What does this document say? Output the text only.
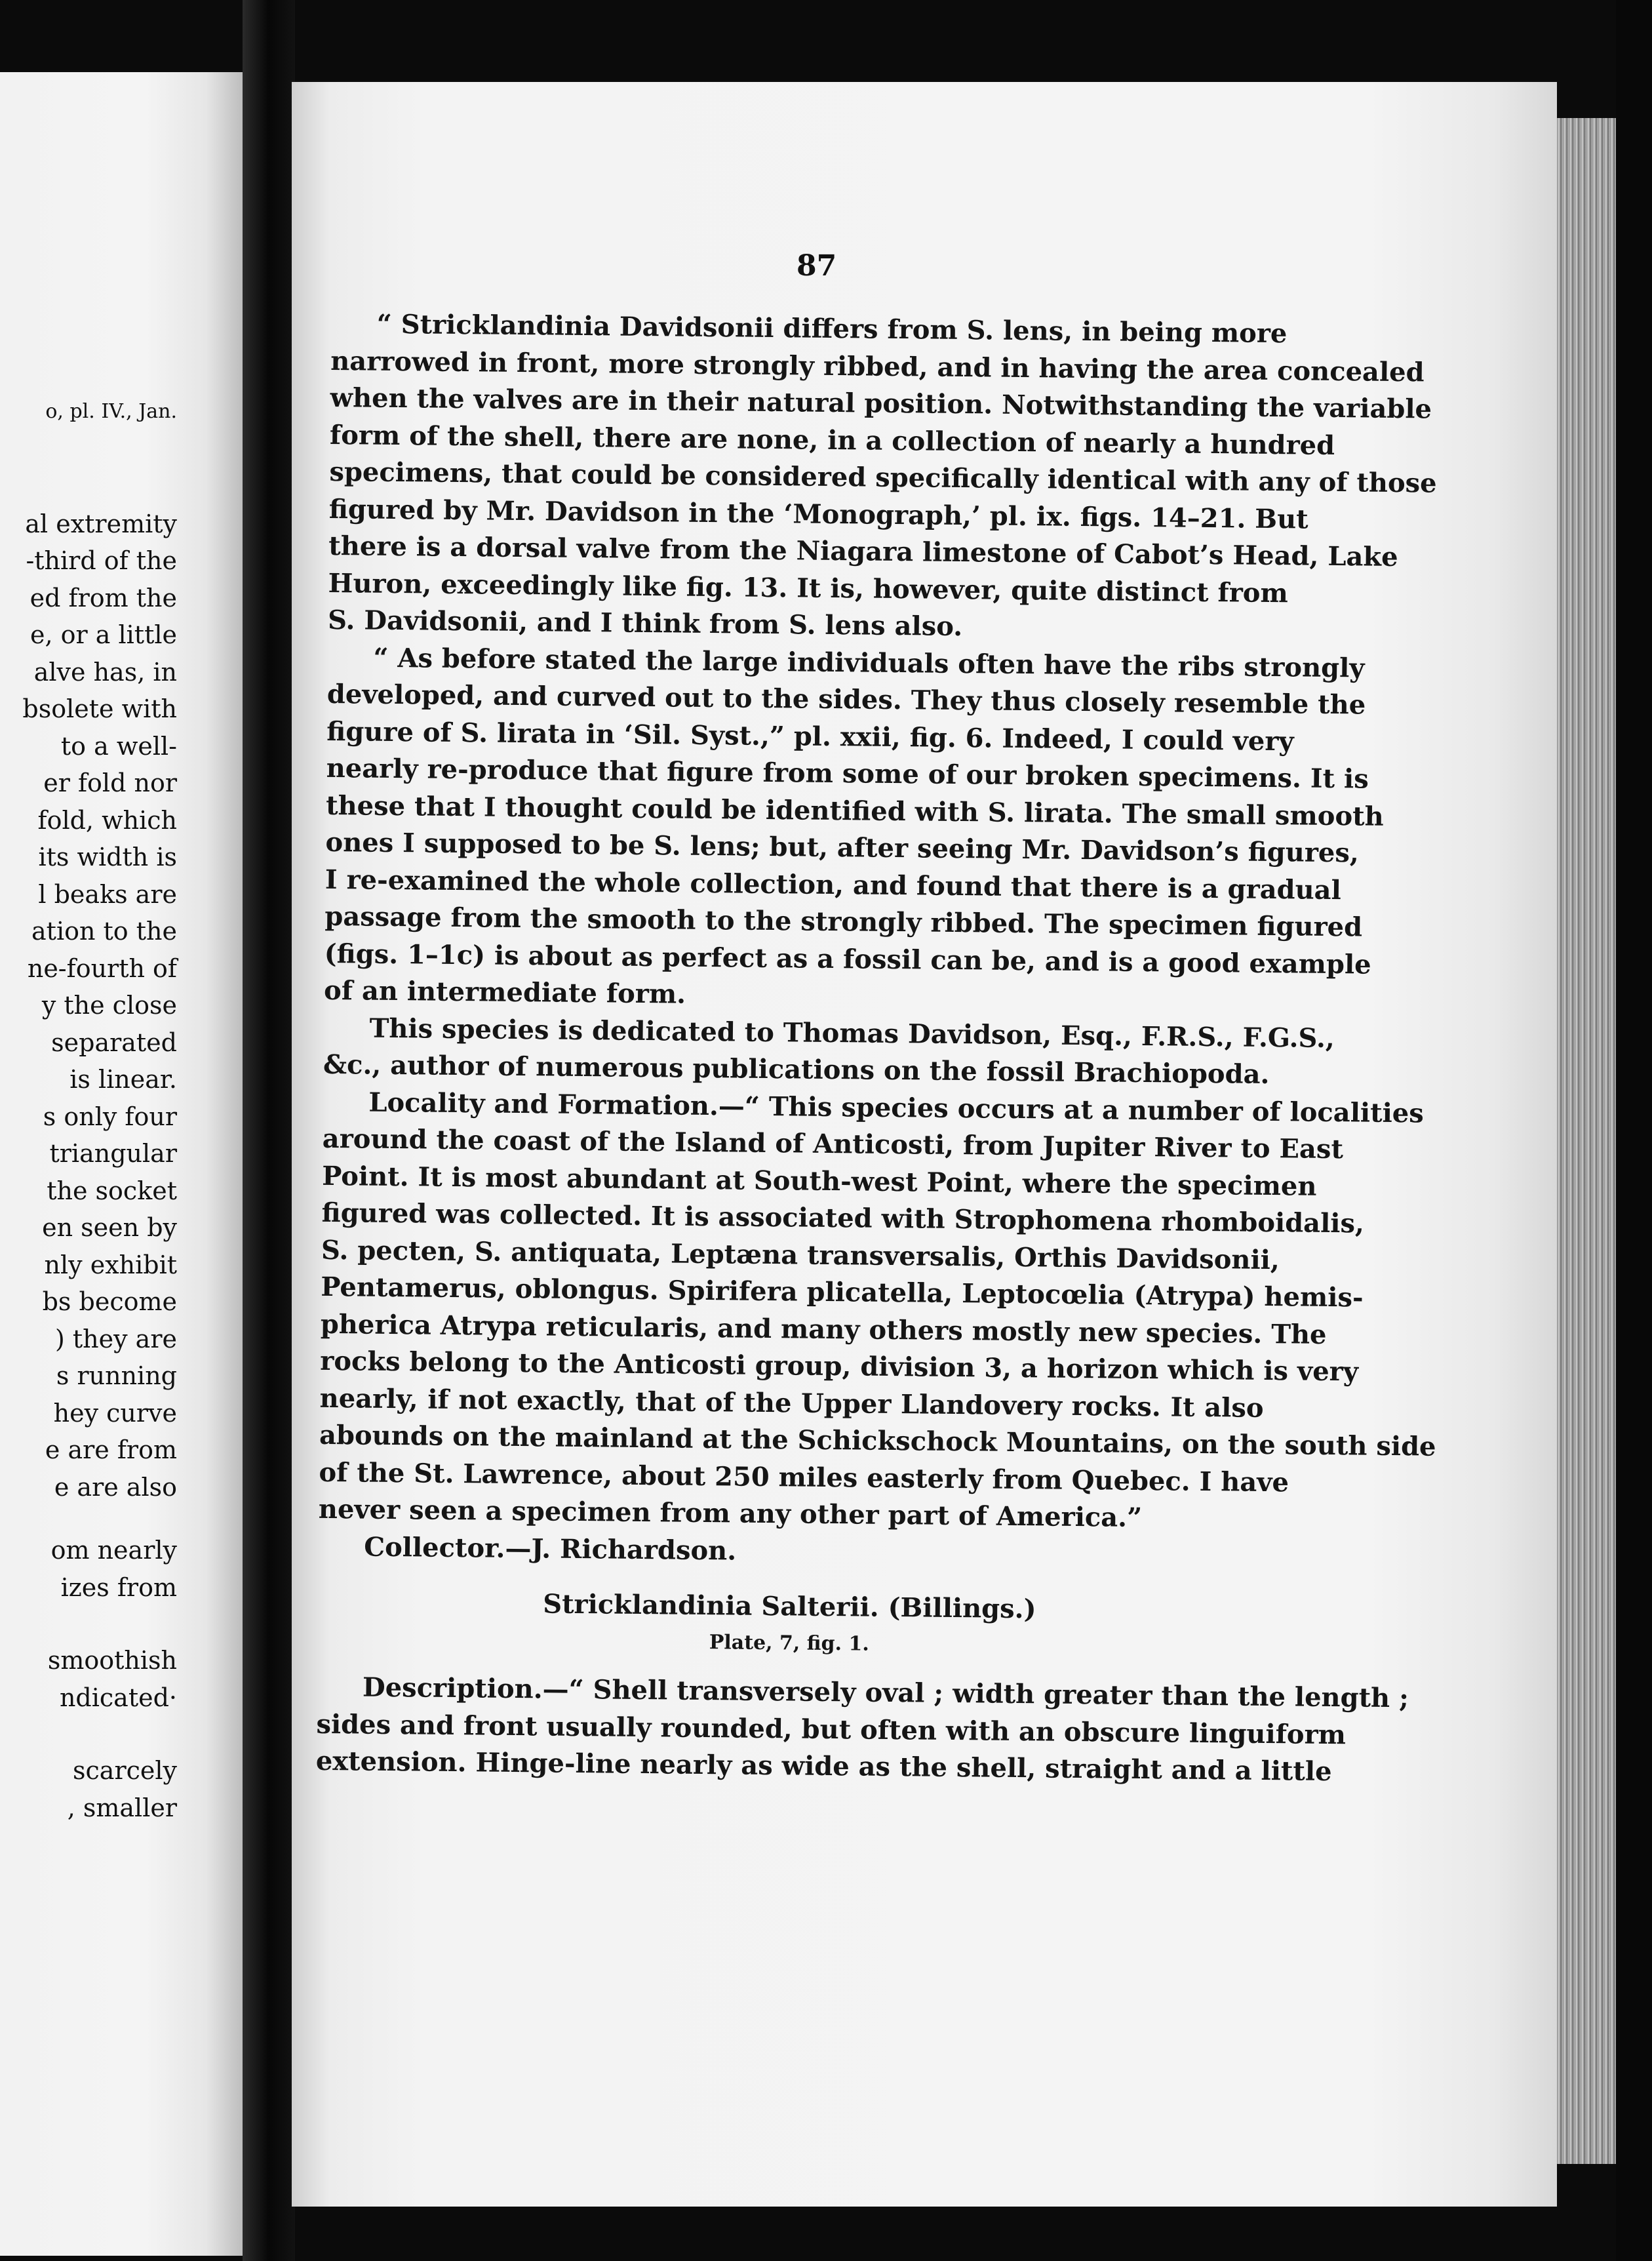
o, pl. IV., Jan.
al extremity
-third of the
ed from the
e, or a little
alve has, in
bsolete with
to a well-
er fold nor
fold, which
its width is
l beaks are
ation to the
ne-fourth of
y the close
separated
is linear.
s only four
triangular
the socket
en seen by
nly exhibit
bs become
) they are
s running
hey curve
e are from
e are also
om nearly
izes from
smoothish
ndicated·
scarcely
, smaller
87
“ Stricklandinia Davidsonii differs from S. lens, in being more
narrowed in front, more strongly ribbed, and in having the area concealed
when the valves are in their natural position. Notwithstanding the variable
form of the shell, there are none, in a collection of nearly a hundred
specimens, that could be considered specifically identical with any of those
figured by Mr. Davidson in the ‘Monograph,’ pl. ix. figs. 14–21. But
there is a dorsal valve from the Niagara limestone of Cabot’s Head, Lake
Huron, exceedingly like fig. 13. It is, however, quite distinct from
S. Davidsonii, and I think from S. lens also.
“ As before stated the large individuals often have the ribs strongly
developed, and curved out to the sides. They thus closely resemble the
figure of S. lirata in ‘Sil. Syst.,” pl. xxii, fig. 6. Indeed, I could very
nearly re-produce that figure from some of our broken specimens. It is
these that I thought could be identified with S. lirata. The small smooth
ones I supposed to be S. lens; but, after seeing Mr. Davidson’s figures,
I re-examined the whole collection, and found that there is a gradual
passage from the smooth to the strongly ribbed. The specimen figured
(figs. 1–1c) is about as perfect as a fossil can be, and is a good example
of an intermediate form.
This species is dedicated to Thomas Davidson, Esq., F.R.S., F.G.S.,
&c., author of numerous publications on the fossil Brachiopoda.
Locality and Formation.—“ This species occurs at a number of localities
around the coast of the Island of Anticosti, from Jupiter River to East
Point. It is most abundant at South-west Point, where the specimen
figured was collected. It is associated with Strophomena rhomboidalis,
S. pecten, S. antiquata, Leptæna transversalis, Orthis Davidsonii,
Pentamerus, oblongus. Spirifera plicatella, Leptocœlia (Atrypa) hemis-
pherica Atrypa reticularis, and many others mostly new species. The
rocks belong to the Anticosti group, division 3, a horizon which is very
nearly, if not exactly, that of the Upper Llandovery rocks. It also
abounds on the mainland at the Schickschock Mountains, on the south side
of the St. Lawrence, about 250 miles easterly from Quebec. I have
never seen a specimen from any other part of America.”
Collector.—J. Richardson.
Stricklandinia Salterii. (Billings.)
Plate, 7, fig. 1.
Description.—“ Shell transversely oval ; width greater than the length ;
sides and front usually rounded, but often with an obscure linguiform
extension. Hinge-line nearly as wide as the shell, straight and a little
